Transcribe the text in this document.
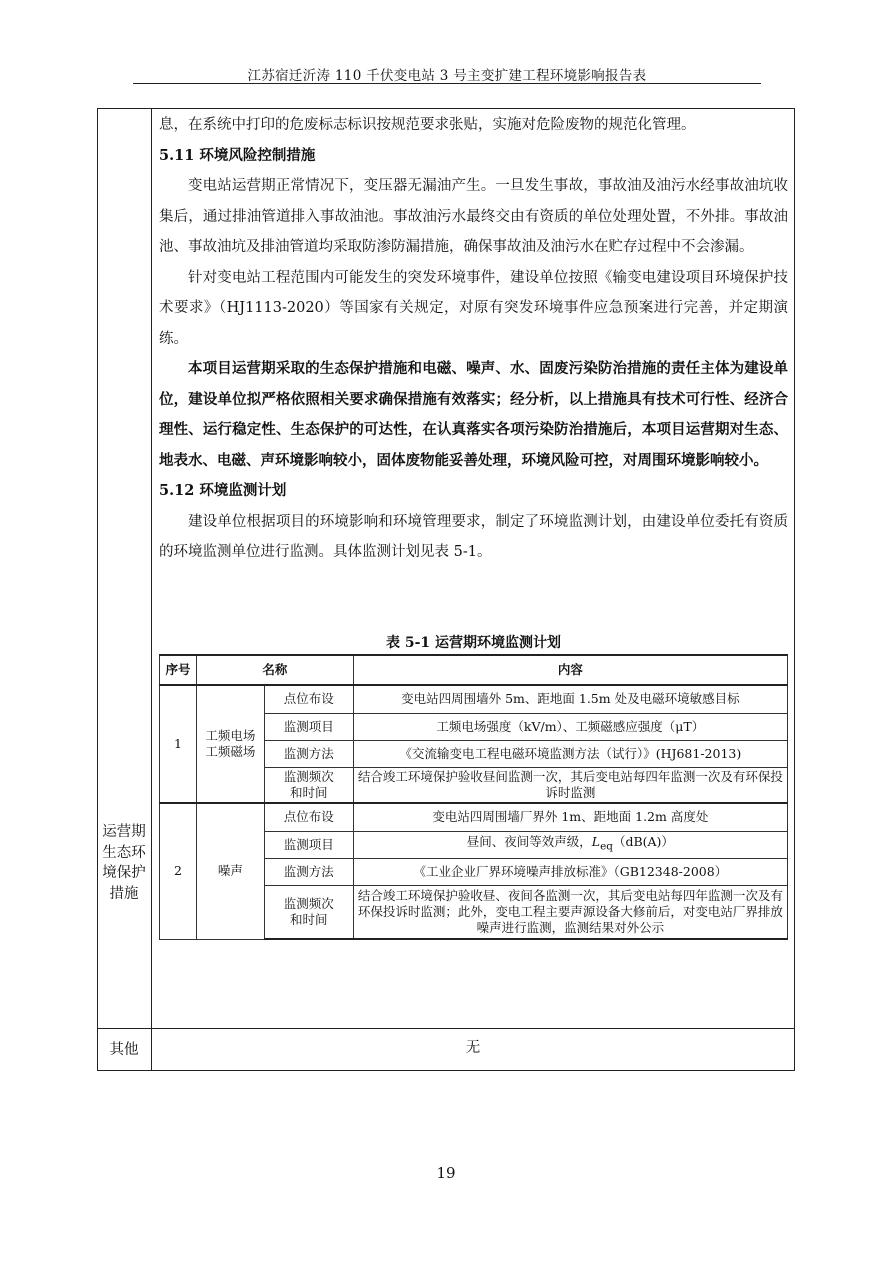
江苏宿迁沂涛 110 千伏变电站 3 号主变扩建工程环境影响报告表
运营期
生态环
境保护
措施

息，在系统中打印的危废标志标识按规范要求张贴，实施对危险废物的规范化管理。

5.11 环境风险控制措施

变电站运营期正常情况下，变压器无漏油产生。一旦发生事故，事故油及油污水经事故油坑收集后，通过排油管道排入事故油池。事故油污水最终交由有资质的单位处理处置，不外排。事故油池、事故油坑及排油管道均采取防渗防漏措施，确保事故油及油污水在贮存过程中不会渗漏。

针对变电站工程范围内可能发生的突发环境事件，建设单位按照《输变电建设项目环境保护技术要求》（HJ1113-2020）等国家有关规定，对原有突发环境事件应急预案进行完善，并定期演练。

本项目运营期采取的生态保护措施和电磁、噪声、水、固废污染防治措施的责任主体为建设单位，建设单位拟严格依照相关要求确保措施有效落实；经分析，以上措施具有技术可行性、经济合理性、运行稳定性、生态保护的可达性，在认真落实各项污染防治措施后，本项目运营期对生态、地表水、电磁、声环境影响较小，固体废物能妥善处理，环境风险可控，对周围环境影响较小。

5.12 环境监测计划

建设单位根据项目的环境影响和环境管理要求，制定了环境监测计划，由建设单位委托有资质的环境监测单位进行监测。具体监测计划见表 5-1。

表 5-1 运营期环境监测计划
序号	名称		内容
1	工频电场
工频磁场	点位布设	变电站四周围墙外 5m、距地面 1.5m 处及电磁环境敏感目标
		监测项目	工频电场强度（kV/m）、工频磁感应强度（μT）
		监测方法	《交流输变电工程电磁环境监测方法（试行）》(HJ681-2013)

		监测频次
和时间	结合竣工环境保护验收昼间监测一次，其后变电站每四年监测一次及有环保投诉时监测
2	噪声	点位布设	变电站四周围墙厂界外 1m、距地面 1.2m 高度处
		监测项目	昼间、夜间等效声级，$L_{eq}(dB(A))$
		监测方法	《工业企业厂界环境噪声排放标准》（GB12348-2008）

		监测频次
和时间	结合竣工环境保护验收昼、夜间各监测一次，其后变电站每四年监测一次及有环保投诉时监测；此外，变电工程主要声源设备大修前后，对变电站厂界排放噪声进行监测，监测结果对外公示
其他	无
19
